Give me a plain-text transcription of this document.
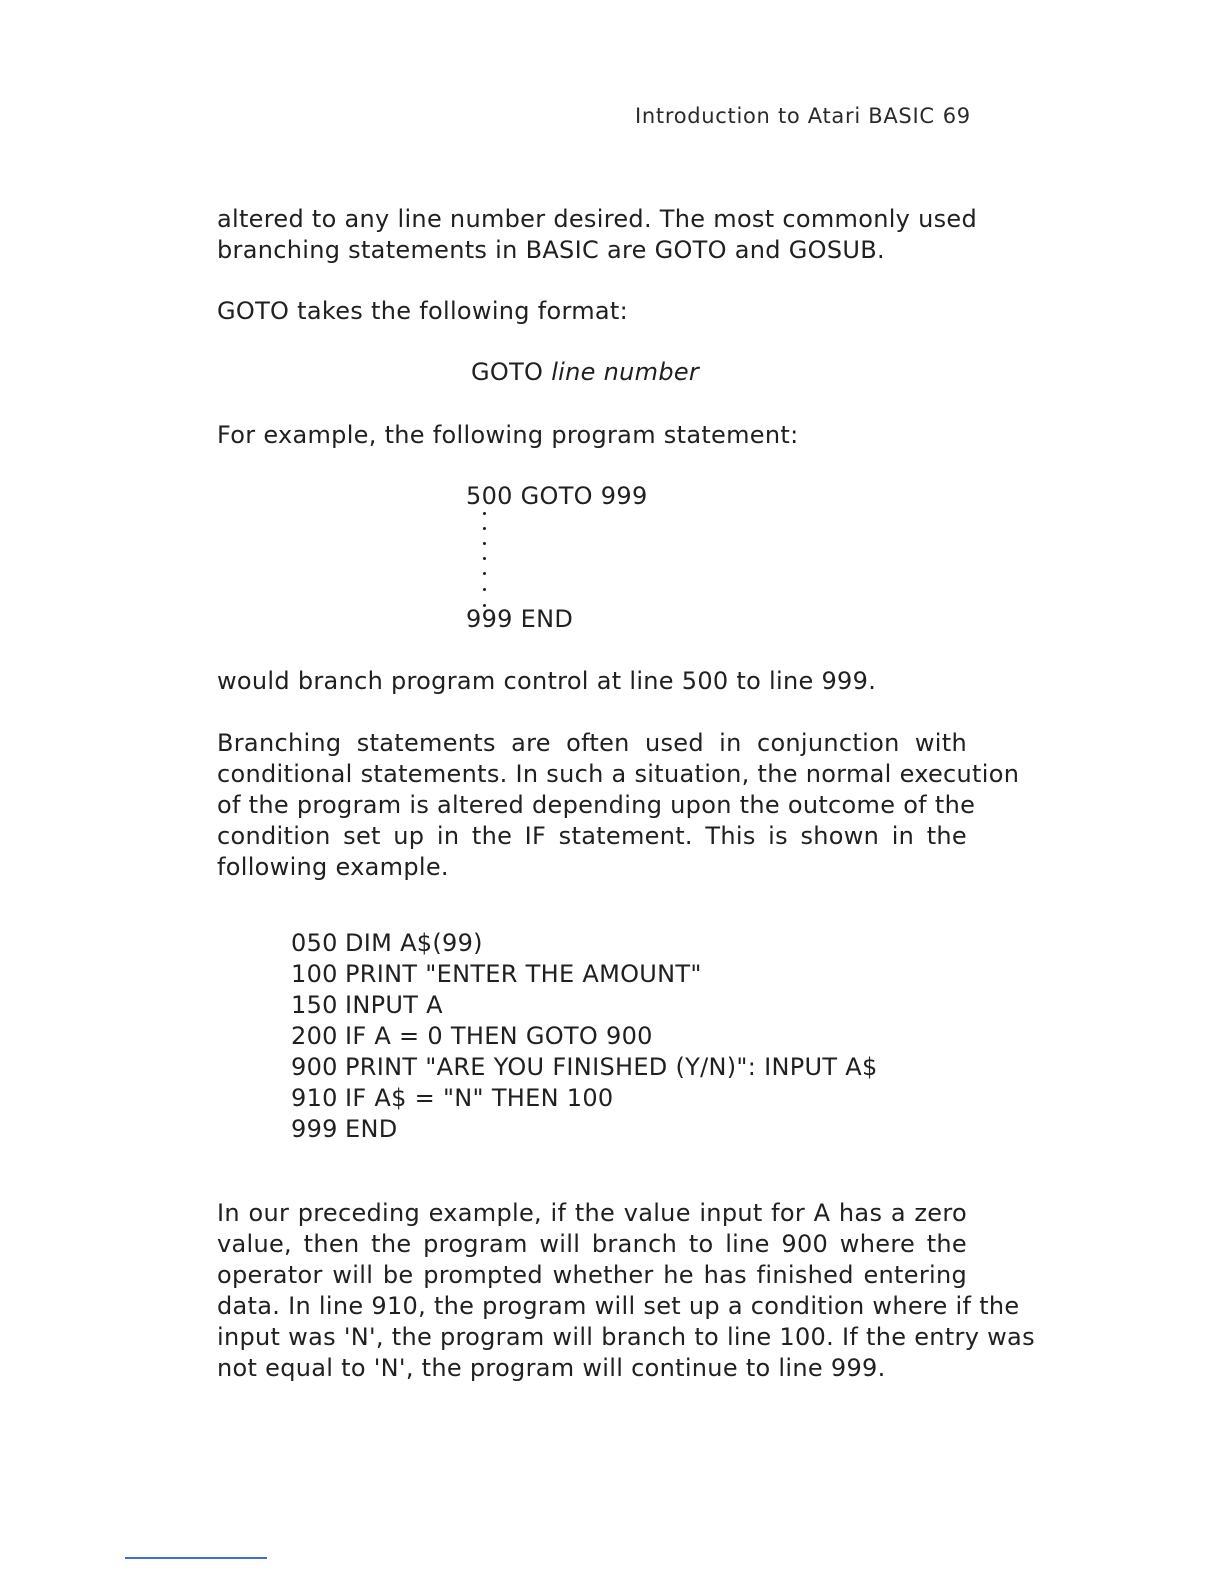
Introduction to Atari BASIC 69
altered to any line number desired. The most commonly used
branching statements in BASIC are GOTO and GOSUB.
GOTO takes the following format:
GOTO line number
For example, the following program statement:
500 GOTO 999
999 END
would branch program control at line 500 to line 999.
Branching statements are often used in conjunction with
conditional statements. In such a situation, the normal execution
of the program is altered depending upon the outcome of the
condition set up in the IF statement. This is shown in the
following example.
050 DIM A$(99)
100 PRINT "ENTER THE AMOUNT"
150 INPUT A
200 IF A = 0 THEN GOTO 900
900 PRINT "ARE YOU FINISHED (Y/N)": INPUT A$
910 IF A$ = "N" THEN 100
999 END
In our preceding example, if the value input for A has a zero
value, then the program will branch to line 900 where the
operator will be prompted whether he has finished entering
data. In line 910, the program will set up a condition where if the
input was 'N', the program will branch to line 100. If the entry was
not equal to 'N', the program will continue to line 999.
